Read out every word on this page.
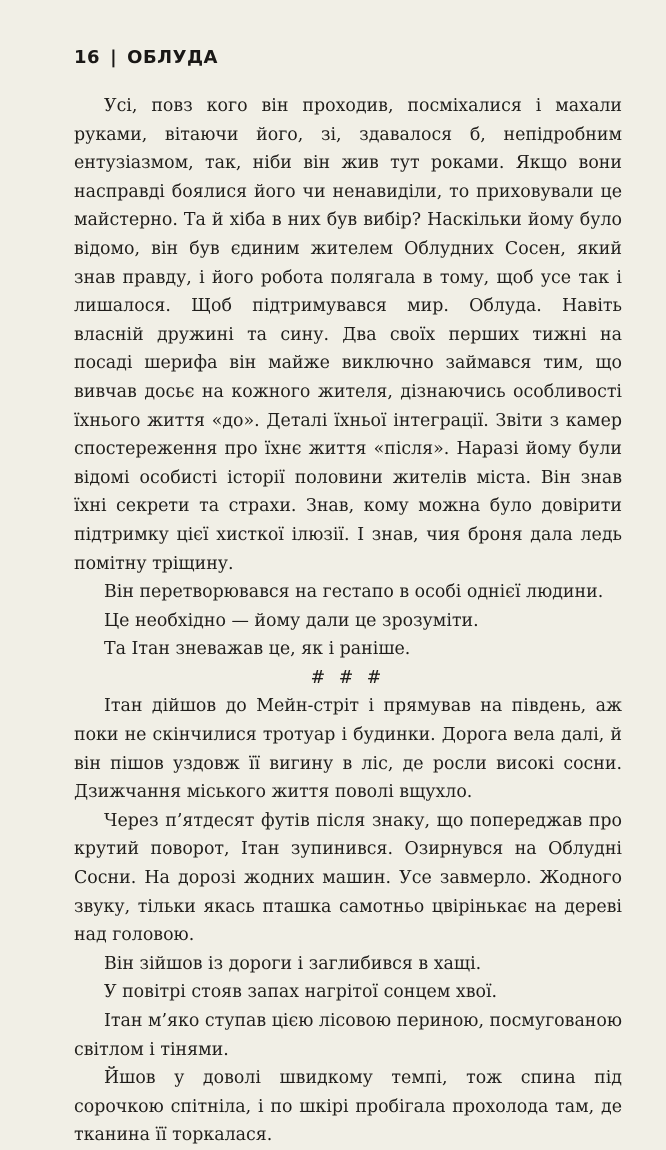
16 | ОБЛУДА

Усі, повз кого він проходив, посміхалися і махали руками, вітаючи його, зі, здавалося б, непідробним ентузіазмом, так, ніби він жив тут роками. Якщо вони насправді боялися його чи ненавиділи, то приховували це майстерно. Та й хіба в них був вибір? Наскільки йому було відомо, він був єдиним жителем Облудних Сосен, який знав правду, і його робота полягала в тому, щоб усе так і лишалося. Щоб підтримувався мир. Облуда. Навіть власній дружині та сину. Два своїх перших тижні на посаді шерифа він майже виключно займався тим, що вивчав досьє на кожного жителя, дізнаючись особливості їхнього життя «до». Деталі їхньої інтеграції. Звіти з камер спостереження про їхнє життя «після». Наразі йому були відомі особисті історії половини жителів міста. Він знав їхні секрети та страхи. Знав, кому можна було довірити підтримку цієї хисткої ілюзії. І знав, чия броня дала ледь помітну тріщину.

Він перетворювався на гестапо в особі однієї людини.

Це необхідно — йому дали це зрозуміти.

Та Ітан зневажав це, як і раніше.

# # #

Ітан дійшов до Мейн-стріт і прямував на південь, аж поки не скінчилися тротуар і будинки. Дорога вела далі, й він пішов уздовж її вигину в ліс, де росли високі сосни. Дзижчання міського життя поволі вщухло.

Через п’ятдесят футів після знаку, що попереджав про крутий поворот, Ітан зупинився. Озирнувся на Облудні Сосни. На дорозі жодних машин. Усе завмерло. Жодного звуку, тільки якась пташка самотньо цвірінькає на дереві над головою.

Він зійшов із дороги і заглибився в хащі.

У повітрі стояв запах нагрітої сонцем хвої.

Ітан м’яко ступав цією лісовою периною, посмугованою світлом і тінями.

Йшов у доволі швидкому темпі, тож спина під сорочкою спітніла, і по шкірі пробігала прохолода там, де тканина її торкалася.
